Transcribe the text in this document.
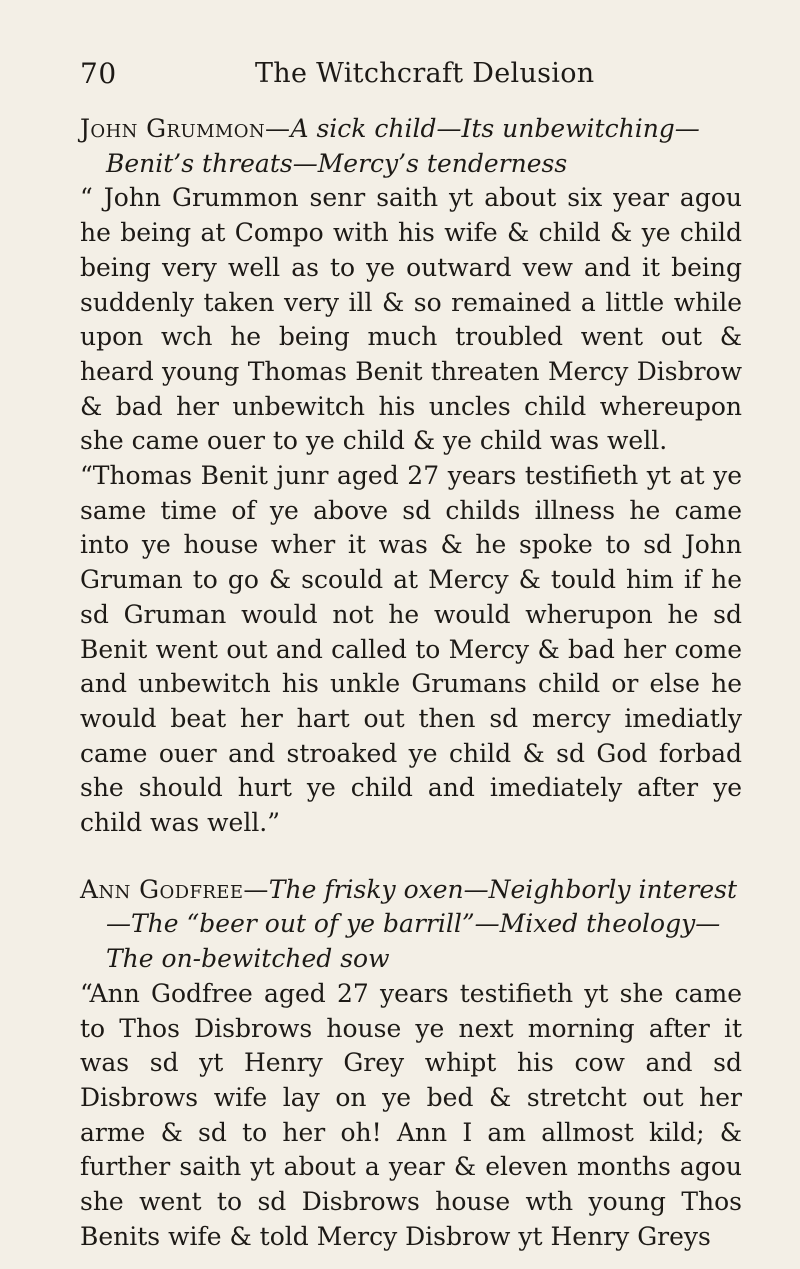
70	The Witchcraft Delusion

John Grummon—A sick child—Its unbewitching—Benit’s threats—Mercy’s tenderness

“ John Grummon senr saith yt about six year agou he being at Compo with his wife & child & ye child being very well as to ye outward vew and it being suddenly taken very ill & so remained a little while upon wch he being much troubled went out & heard young Thomas Benit threaten Mercy Disbrow & bad her unbewitch his uncles child whereupon she came ouer to ye child & ye child was well.

“Thomas Benit junr aged 27 years testifieth yt at ye same time of ye above sd childs illness he came into ye house wher it was & he spoke to sd John Gruman to go & scould at Mercy & tould him if he sd Gruman would not he would wherupon he sd Benit went out and called to Mercy & bad her come and unbewitch his unkle Grumans child or else he would beat her hart out then sd mercy imediatly came ouer and stroaked ye child & sd God forbad she should hurt ye child and imediately after ye child was well.”

Ann Godfree—The frisky oxen—Neighborly interest—The “beer out of ye barrill”—Mixed theology—The on-bewitched sow

“Ann Godfree aged 27 years testifieth yt she came to Thos Disbrows house ye next morning after it was sd yt Henry Grey whipt his cow and sd Disbrows wife lay on ye bed & stretcht out her arme & sd to her oh! Ann I am allmost kild; & further saith yt about a year & eleven months agou she went to sd Disbrows house wth young Thos Benits wife & told Mercy Disbrow yt Henry Greys
